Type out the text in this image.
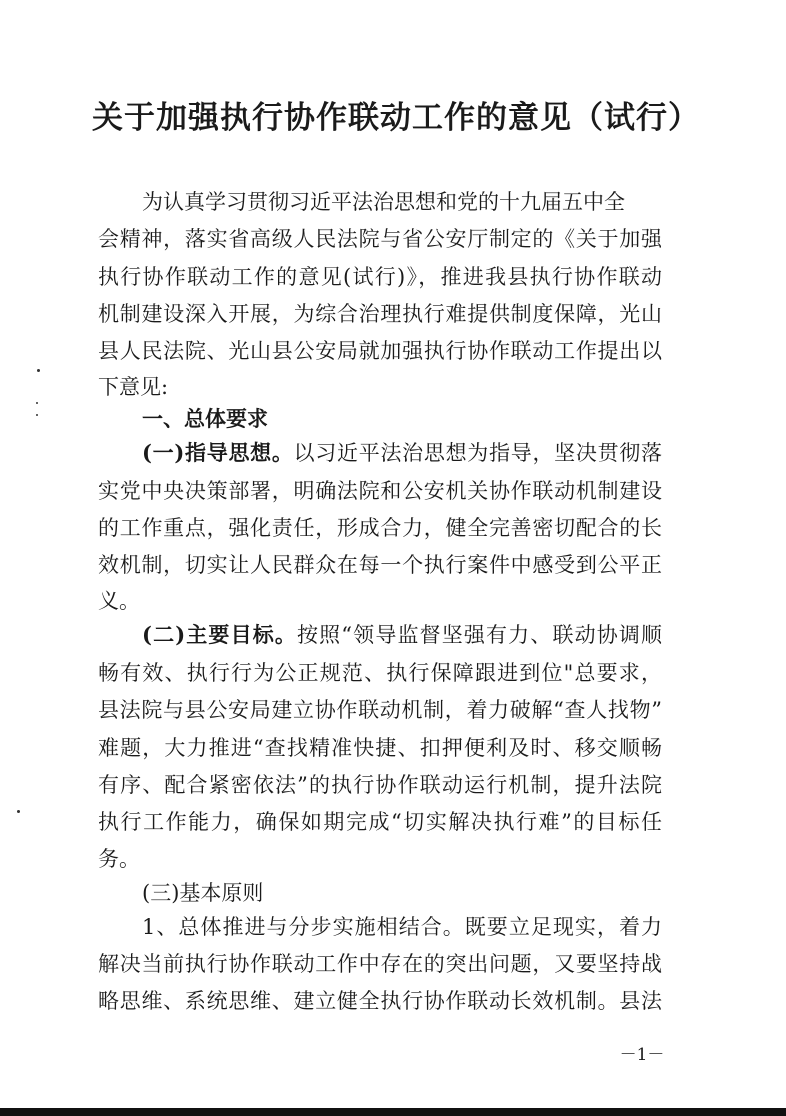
关于加强执行协作联动工作的意见（试行）
为认真学习贯彻习近平法治思想和党的十九届五中全
会精神，落实省高级人民法院与省公安厅制定的《关于加强
执行协作联动工作的意见(试行)》，推进我县执行协作联动
机制建设深入开展，为综合治理执行难提供制度保障，光山
县人民法院、光山县公安局就加强执行协作联动工作提出以
下意见:
一、总体要求
(一)指导思想。以习近平法治思想为指导，坚决贯彻落
实党中央决策部署，明确法院和公安机关协作联动机制建设
的工作重点，强化责任，形成合力，健全完善密切配合的长
效机制，切实让人民群众在每一个执行案件中感受到公平正
义。
(二)主要目标。按照“领导监督坚强有力、联动协调顺
畅有效、执行行为公正规范、执行保障跟进到位"总要求，
县法院与县公安局建立协作联动机制，着力破解“查人找物”
难题，大力推进“查找精准快捷、扣押便利及时、移交顺畅
有序、配合紧密依法”的执行协作联动运行机制，提升法院
执行工作能力，确保如期完成“切实解决执行难”的目标任
务。
(三)基本原则
1、总体推进与分步实施相结合。既要立足现实，着力
解决当前执行协作联动工作中存在的突出问题，又要坚持战
略思维、系统思维、建立健全执行协作联动长效机制。县法
－1－
